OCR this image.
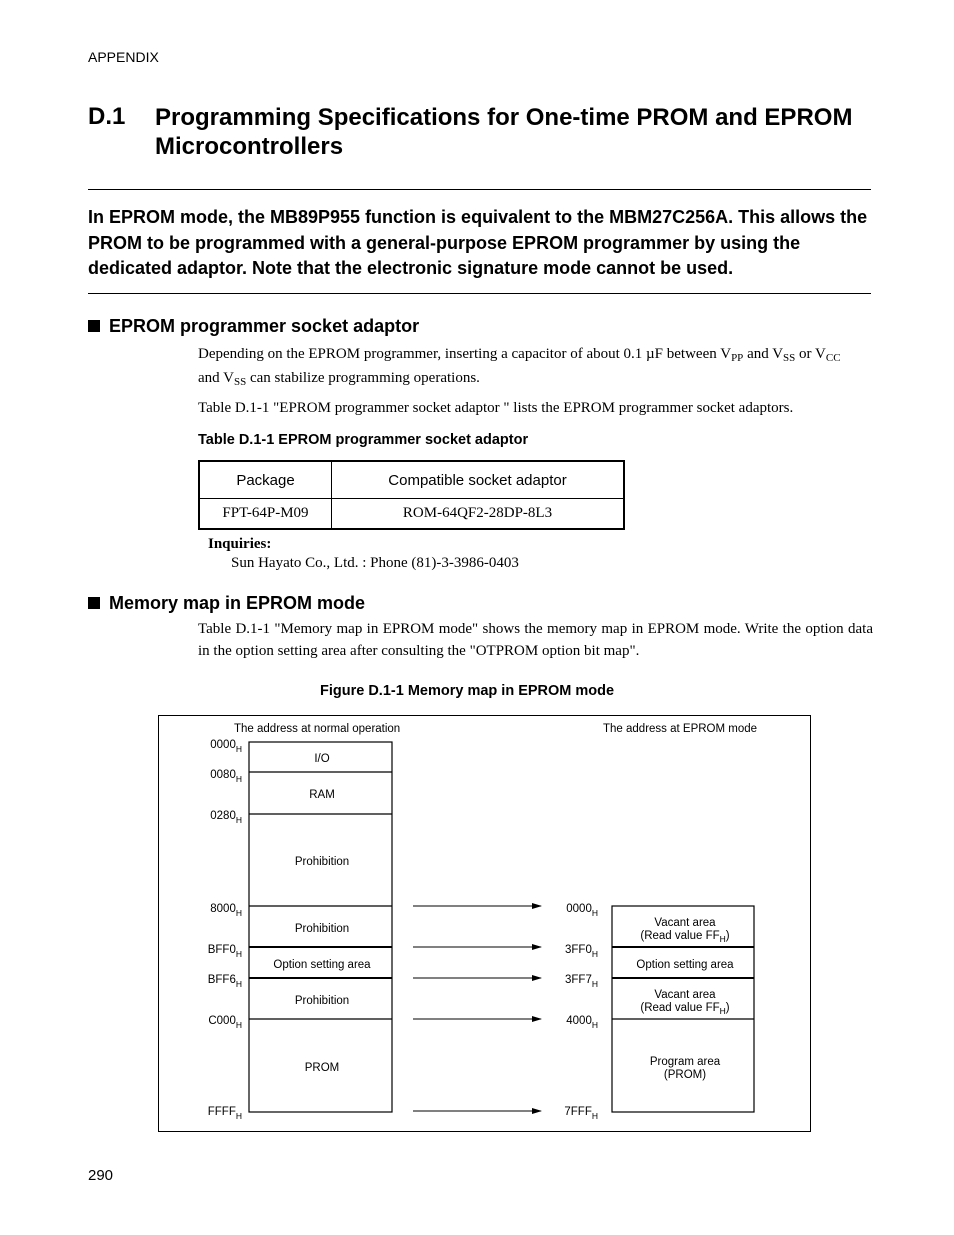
APPENDIX
D.1 Programming Specifications for One-time PROM and EPROM Microcontrollers
In EPROM mode, the MB89P955 function is equivalent to the MBM27C256A. This allows the PROM to be programmed with a general-purpose EPROM programmer by using the dedicated adaptor. Note that the electronic signature mode cannot be used.
EPROM programmer socket adaptor
Depending on the EPROM programmer, inserting a capacitor of about 0.1 µF between $V_{PP}$ and $V_{SS}$ or $V_{CC}$
and $V_{SS}$ can stabilize programming operations.
Table D.1-1 "EPROM programmer socket adaptor " lists the EPROM programmer socket adaptors.
Table D.1-1 EPROM programmer socket adaptor
Package	Compatible socket adaptor
FPT-64P-M09	ROM-64QF2-28DP-8L3
Inquiries:
Sun Hayato Co., Ltd. : Phone (81)-3-3986-0403
Memory map in EPROM mode
Table D.1-1 "Memory map in EPROM mode" shows the memory map in EPROM mode. Write the option data in the option setting area after consulting the "OTPROM option bit map".
Figure D.1-1 Memory map in EPROM mode
The address at normal operation	The address at EPROM mode
I/O
RAM
Prohibition
Prohibition
Option setting area
Prohibition
PROM
$0000_H$
$0080_H$
$0280_H$
$8000_H$
$BFF0_H$
$BFF6_H$
$C000_H$
$FFFF_H$
$0000_H$
$3FF0_H$
$3FF7_H$
$4000_H$
$7FFF_H$
Vacant area
(Read value $FF_H$)
Option setting area
Vacant area
(Read value $FF_H$)
Program area
(PROM)
290
